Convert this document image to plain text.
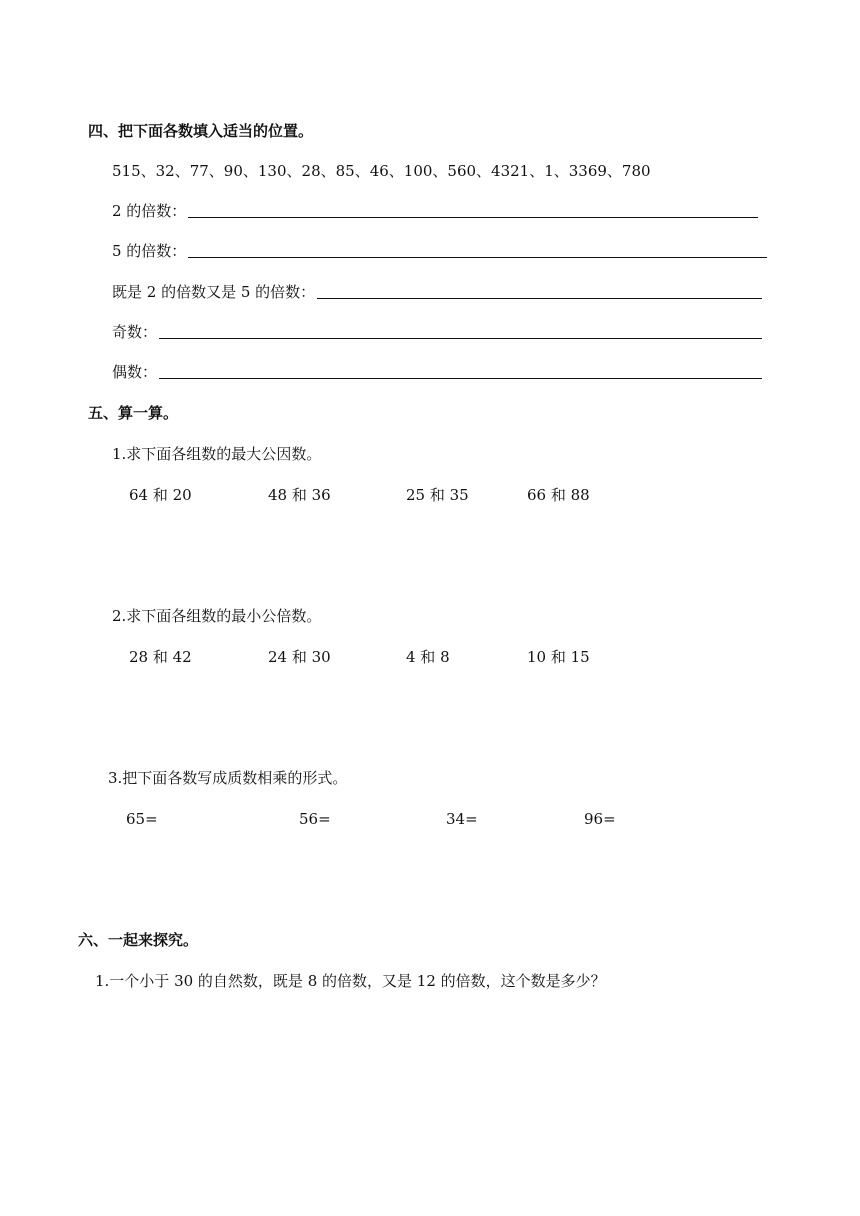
四、把下面各数填入适当的位置。
515、32、77、90、130、28、85、46、100、560、4321、1、3369、780
2 的倍数：
5 的倍数：
既是 2 的倍数又是 5 的倍数：
奇数：
偶数：
五、算一算。
1.求下面各组数的最大公因数。
64 和 20	48 和 36	25 和 35	66 和 88
2.求下面各组数的最小公倍数。
28 和 42	24 和 30	4 和 8	10 和 15
3.把下面各数写成质数相乘的形式。
65=	56=	34=	96=
六、一起来探究。
1.一个小于 30 的自然数，既是 8 的倍数，又是 12 的倍数，这个数是多少？
